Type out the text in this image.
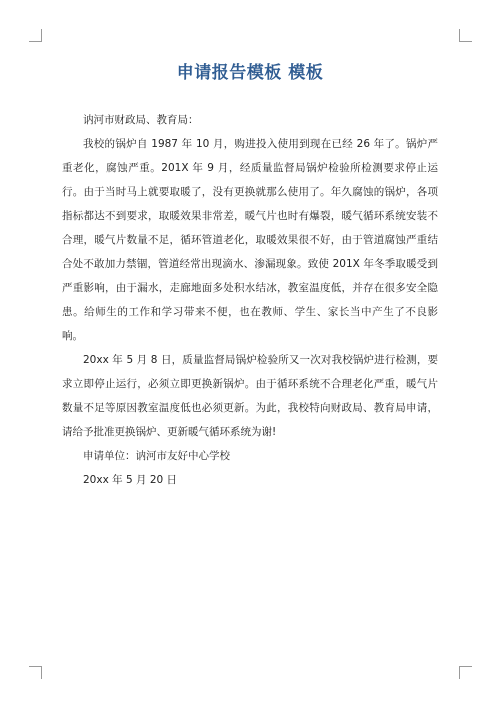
申请报告模板 模板

讷河市财政局、教育局：

我校的锅炉自 1987 年 10 月，购进投入使用到现在已经 26 年了。锅炉严重老化，腐蚀严重。201X 年 9 月，经质量监督局锅炉检验所检测要求停止运行。由于当时马上就要取暖了，没有更换就那么使用了。年久腐蚀的锅炉，各项指标都达不到要求，取暖效果非常差，暖气片也时有爆裂，暖气循环系统安装不合理，暖气片数量不足，循环管道老化，取暖效果很不好，由于管道腐蚀严重结合处不敢加力禁锢，管道经常出现滴水、渗漏现象。致使 201X 年冬季取暖受到严重影响，由于漏水，走廊地面多处积水结冰，教室温度低，并存在很多安全隐患。给师生的工作和学习带来不便，也在教师、学生、家长当中产生了不良影响。

20xx 年 5 月 8 日，质量监督局锅炉检验所又一次对我校锅炉进行检测，要求立即停止运行，必须立即更换新锅炉。由于循环系统不合理老化严重，暖气片数量不足等原因教室温度低也必须更新。为此，我校特向财政局、教育局申请，请给予批准更换锅炉、更新暖气循环系统为谢!

申请单位：讷河市友好中心学校

20xx 年 5 月 20 日
